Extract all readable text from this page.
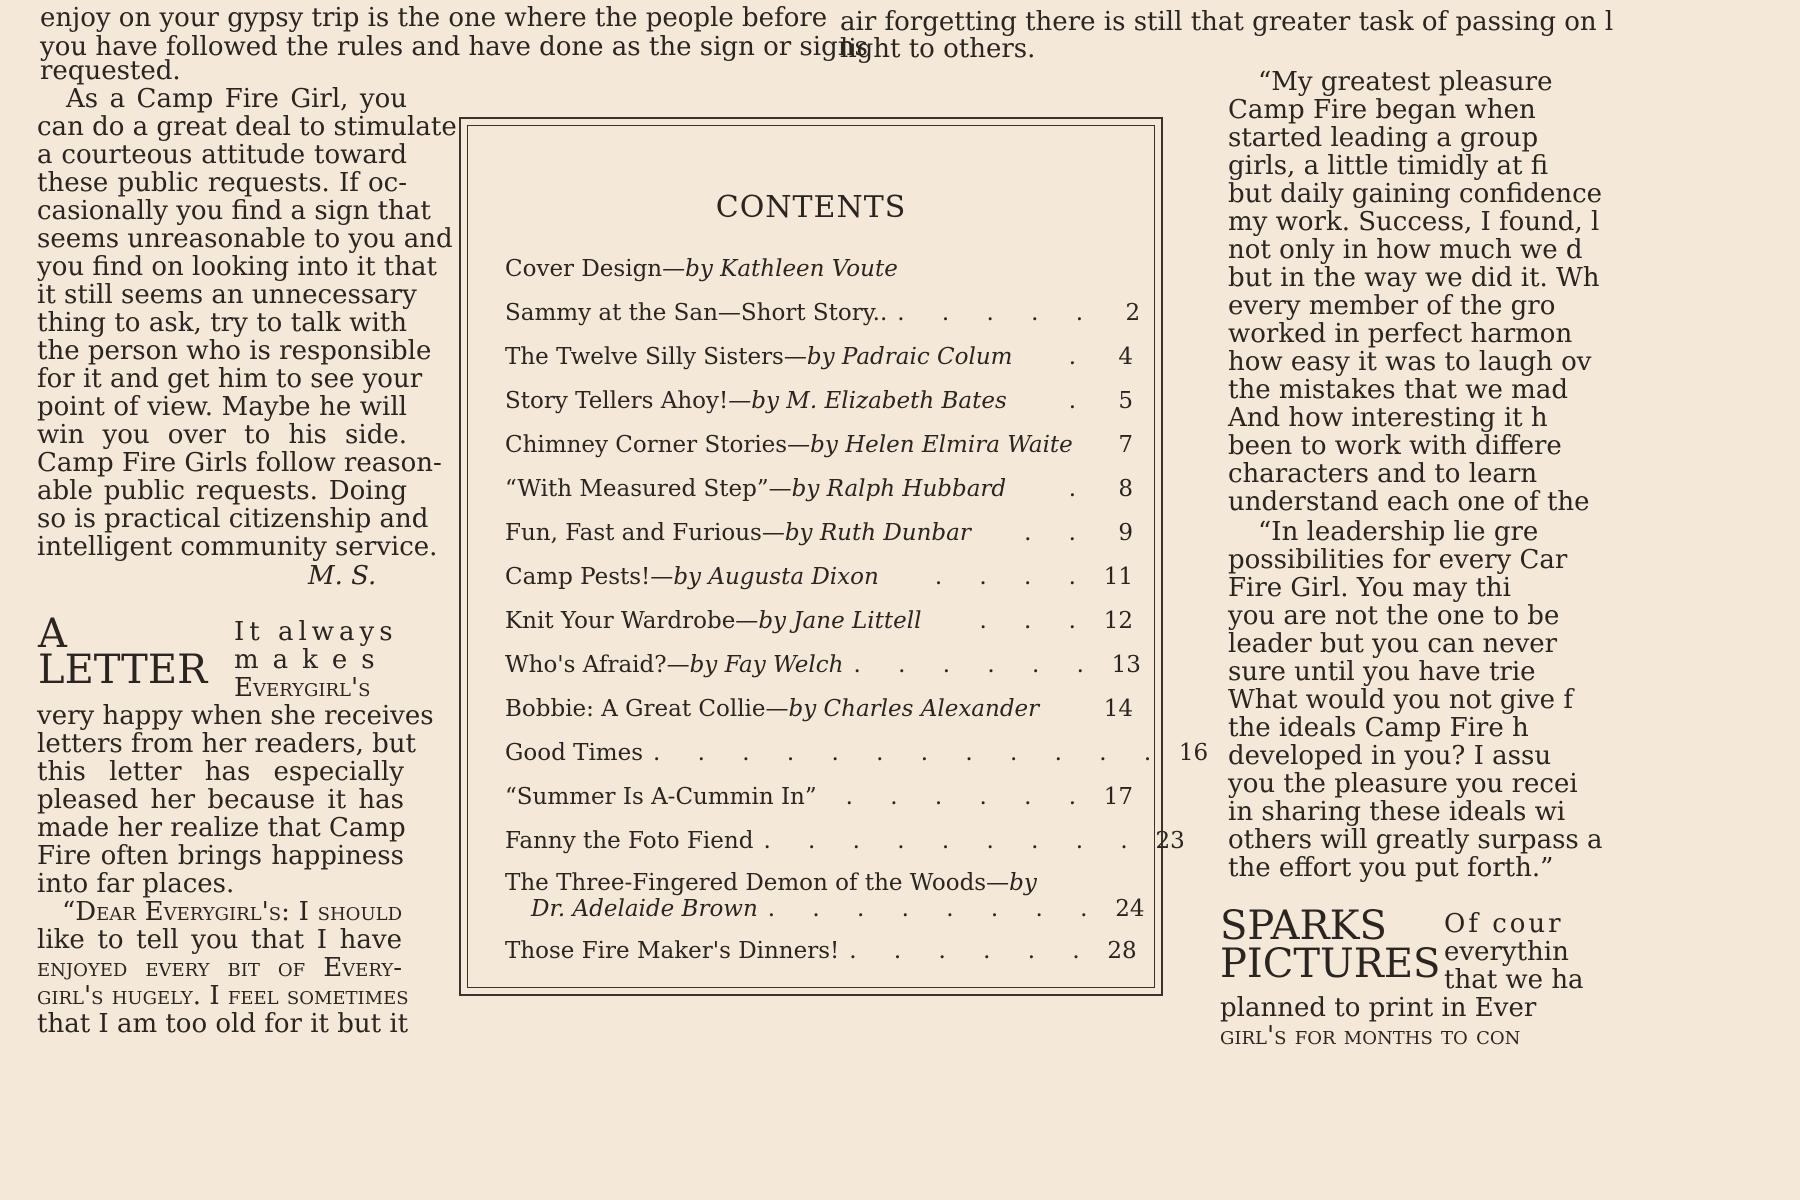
enjoy on your gypsy trip is the one where the people before
you have followed the rules and have done as the sign or signs
requested.
air forgetting there is still that greater task of passing on l
light to others.
As a Camp Fire Girl, you
can do a great deal to stimulate
a courteous attitude toward
these public requests. If oc-
casionally you find a sign that
seems unreasonable to you and
you find on looking into it that
it still seems an unnecessary
thing to ask, try to talk with
the person who is responsible
for it and get him to see your
point of view. Maybe he will
win you over to his side.
Camp Fire Girls follow reason-
able public requests. Doing
so is practical citizenship and
intelligent community service.
M. S.
A
LETTER
It always
makes
Everygirl's
very happy when she receives
letters from her readers, but
this letter has especially
pleased her because it has
made her realize that Camp
Fire often brings happiness
into far places.
“Dear Everygirl's: I should
like to tell you that I have
enjoyed every bit of Every-
girl's hugely. I feel sometimes
that I am too old for it but it
CONTENTS
Cover Design— by Kathleen Voute
Sammy at the San—Short Story.. . . . . .	2
The Twelve Silly Sisters— by Padraic Colum	.	4
Story Tellers Ahoy!— by M. Elizabeth Bates	.	5
Chimney Corner Stories— by Helen Elmira Waite	7
“With Measured Step”— by Ralph Hubbard	.	8
Fun, Fast and Furious— by Ruth Dunbar	. .	9
Camp Pests!— by Augusta Dixon	. . . . 11
Knit Your Wardrobe— by Jane Littell	. . . 12
Who's Afraid?— by Fay Welch . . . . . . 13
Bobbie: A Great Collie— by Charles Alexander	14
Good Times . . . . . . . . . . . . 16
“Summer Is A-Cummin In”	. . . . . . 17
Fanny the Foto Fiend . . . . . . . . . 23
The Three-Fingered Demon of the Woods— by
Dr. Adelaide Brown . . . . . . . . 24
Those Fire Maker's Dinners! . . . . . . 28
“My greatest pleasure
Camp Fire began when
started leading a group
girls, a little timidly at fi
but daily gaining confidence
my work. Success, I found, l
not only in how much we d
but in the way we did it. Wh
every member of the gro
worked in perfect harmon
how easy it was to laugh ov
the mistakes that we mad
And how interesting it h
been to work with differe
characters and to learn
understand each one of the
“In leadership lie gre
possibilities for every Car
Fire Girl. You may thi
you are not the one to be
leader but you can never
sure until you have trie
What would you not give f
the ideals Camp Fire h
developed in you? I assu
you the pleasure you recei
in sharing these ideals wi
others will greatly surpass a
the effort you put forth.”
SPARKS
PICTURES
Of cour
everythin
that we ha
planned to print in Ever
girl's for months to con
